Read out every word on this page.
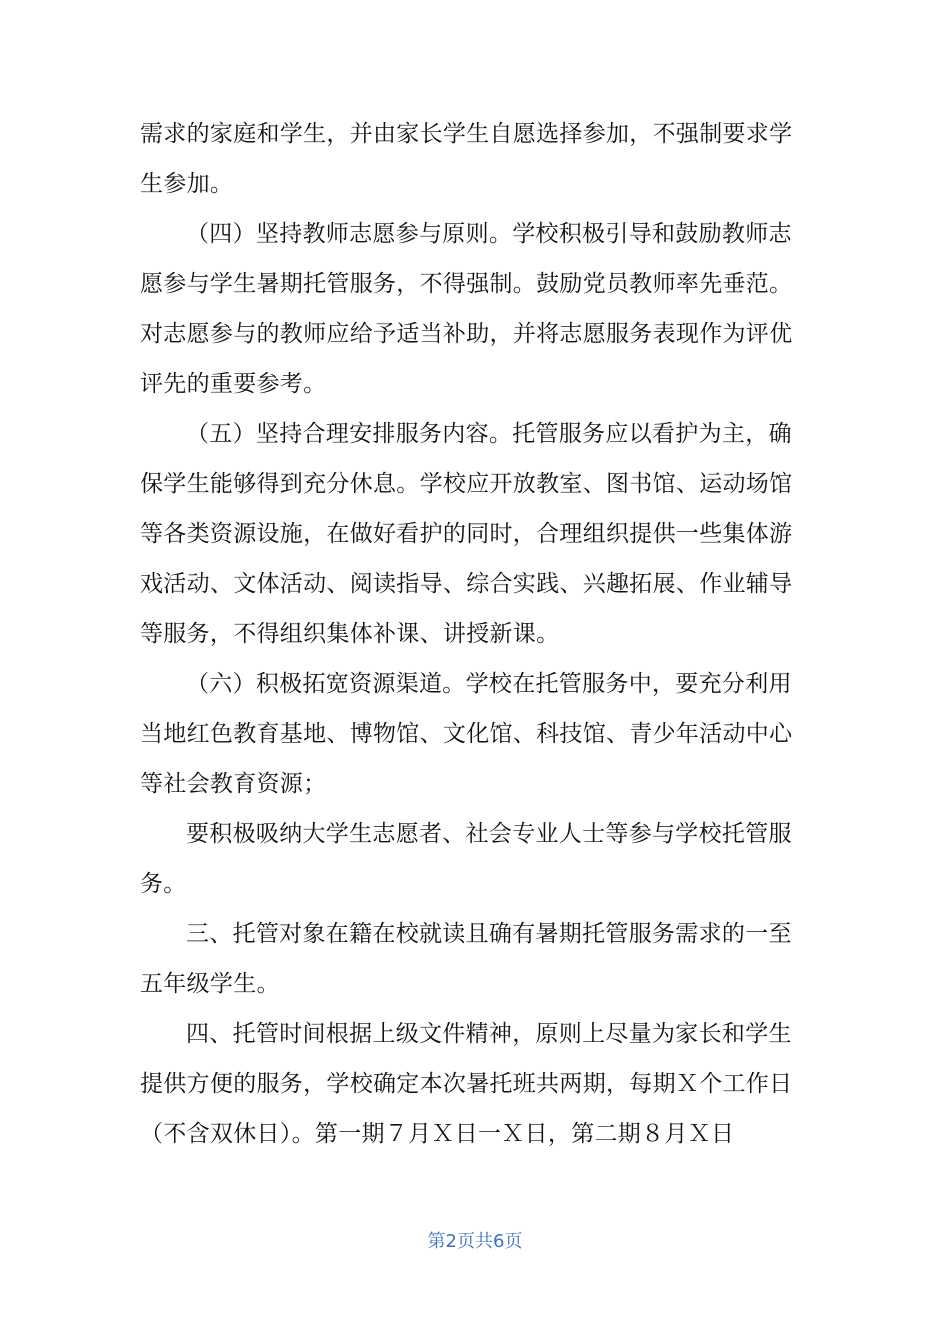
需求的家庭和学生，并由家长学生自愿选择参加，不强制要求学
生参加。
（四）坚持教师志愿参与原则。学校积极引导和鼓励教师志
愿参与学生暑期托管服务，不得强制。鼓励党员教师率先垂范。
对志愿参与的教师应给予适当补助，并将志愿服务表现作为评优
评先的重要参考。
（五）坚持合理安排服务内容。托管服务应以看护为主，确
保学生能够得到充分休息。学校应开放教室、图书馆、运动场馆
等各类资源设施，在做好看护的同时，合理组织提供一些集体游
戏活动、文体活动、阅读指导、综合实践、兴趣拓展、作业辅导
等服务，不得组织集体补课、讲授新课。
（六）积极拓宽资源渠道。学校在托管服务中，要充分利用
当地红色教育基地、博物馆、文化馆、科技馆、青少年活动中心
等社会教育资源；
要积极吸纳大学生志愿者、社会专业人士等参与学校托管服
务。
三、托管对象在籍在校就读且确有暑期托管服务需求的一至
五年级学生。
四、托管时间根据上级文件精神，原则上尽量为家长和学生
提供方便的服务，学校确定本次暑托班共两期，每期Ｘ个工作日
（不含双休日）。第一期７月Ｘ日一Ｘ日，第二期８月Ｘ日
第2页共6页
